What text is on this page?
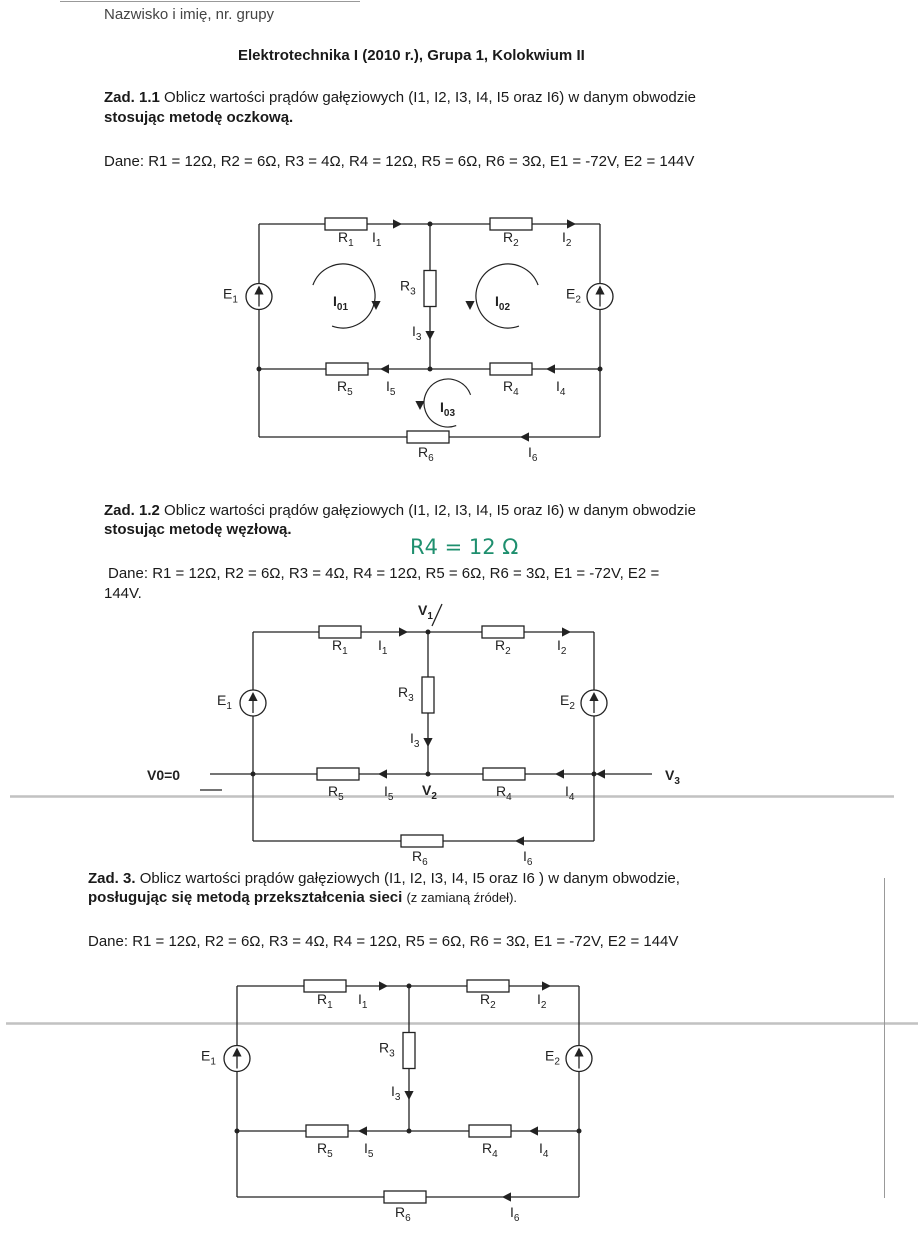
Nazwisko i imię, nr. grupy
Elektrotechnika I (2010 r.), Grupa 1, Kolokwium II
Zad. 1.1 Oblicz wartości prądów gałęziowych (I1, I2, I3, I4, I5 oraz I6) w danym obwodzie
stosując metodę oczkową.
Dane: R1 = 12Ω, R2 = 6Ω, R3 = 4Ω, R4 = 12Ω, R5 = 6Ω, R6 = 3Ω, E1 = -72V, E2 = 144V
Zad. 1.2 Oblicz wartości prądów gałęziowych (I1, I2, I3, I4, I5 oraz I6) w danym obwodzie
stosując metodę węzłową.
R4 = 12 Ω
Dane: R1 = 12Ω, R2 = 6Ω, R3 = 4Ω, R4 = 12Ω, R5 = 6Ω, R6 = 3Ω, E1 = -72V, E2 =
144V.
Zad. 3. Oblicz wartości prądów gałęziowych (I1, I2, I3, I4, I5 oraz I6 ) w danym obwodzie,
posługując się metodą przekształcenia sieci (z zamianą źródeł).
Dane: R1 = 12Ω, R2 = 6Ω, R3 = 4Ω, R4 = 12Ω, R5 = 6Ω, R6 = 3Ω, E1 = -72V, E2 = 144V
$R_1$ $I_1$	$R_2$	$I_2$
$R_3$
$I_3$
$E_1$	$E_2$
$R_5$ $I_5$	$R_4$	$I_4$
$R_6$	$I_6$
$I_{01}$	$I_{02}$
$I_{03}$
$R_1$ $I_1$	$R_2$	$I_2$
$R_3$
$I_3$
$E_1$	$E_2$
$R_5$	$I_5$	$R_4$	$I_4$
$R_6$	$I_6$
V0=0	$V_3$
$V_2$
$V_1$
$R_1$ $I_1$	$R_2$	$I_2$
$R_3$
$I_3$
$E_1$	$E_2$
$R_5$ $I_5$	$R_4$	$I_4$
$R_6$	$I_6$
